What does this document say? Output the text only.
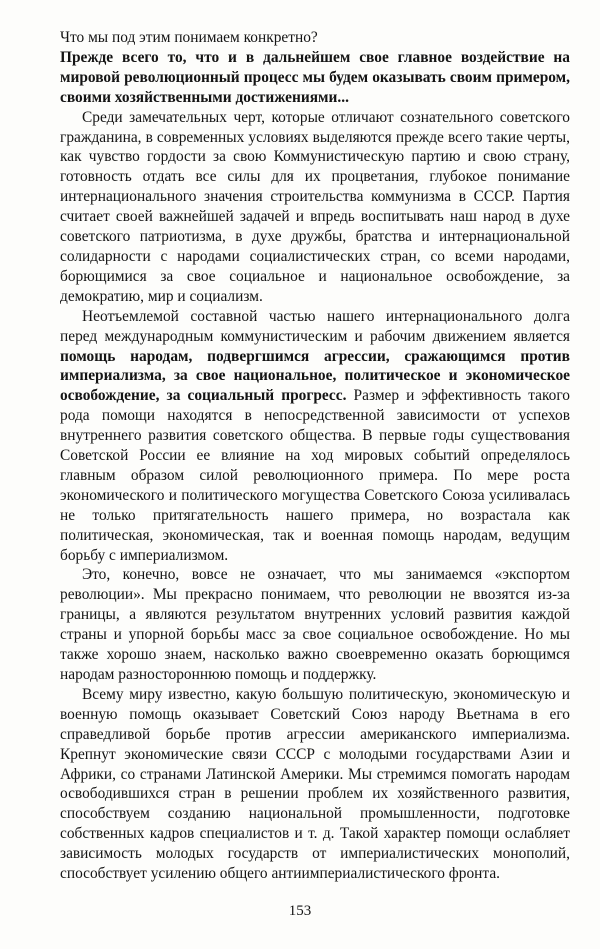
Что мы под этим понимаем конкретно?

Прежде всего то, что и в дальнейшем свое главное воздействие на мировой революционный процесс мы будем оказывать своим примером, своими хозяйственными достижениями...

Среди замечательных черт, которые отличают сознательного советского гражданина, в современных условиях выделяются прежде всего такие черты, как чувство гордости за свою Коммунистическую партию и свою страну, готовность отдать все силы для их процветания, глубокое понимание интернационального значения строительства коммунизма в СССР. Партия считает своей важнейшей задачей и впредь воспитывать наш народ в духе советского патриотизма, в духе дружбы, братства и интернациональной солидарности с народами социалистических стран, со всеми народами, борющимися за свое социальное и национальное освобождение, за демократию, мир и социализм.

Неотъемлемой составной частью нашего интернационального долга перед международным коммунистическим и рабочим движением является помощь народам, подвергшимся агрессии, сражающимся против империализма, за свое национальное, политическое и экономическое освобождение, за социальный прогресс. Размер и эффективность такого рода помощи находятся в непосредственной зависимости от успехов внутреннего развития советского общества. В первые годы существования Советской России ее влияние на ход мировых событий определялось главным образом силой революционного примера. По мере роста экономического и политического могущества Советского Союза усиливалась не только притягательность нашего примера, но возрастала как политическая, экономическая, так и военная помощь народам, ведущим борьбу с империализмом.

Это, конечно, вовсе не означает, что мы занимаемся «экспортом революции». Мы прекрасно понимаем, что революции не ввозятся из-за границы, а являются результатом внутренних условий развития каждой страны и упорной борьбы масс за свое социальное освобождение. Но мы также хорошо знаем, насколько важно своевременно оказать борющимся народам разностороннюю помощь и поддержку.

Всему миру известно, какую большую политическую, экономическую и военную помощь оказывает Советский Союз народу Вьетнама в его справедливой борьбе против агрессии американского империализма. Крепнут экономические связи СССР с молодыми государствами Азии и Африки, со странами Латинской Америки. Мы стремимся помогать народам освободившихся стран в решении проблем их хозяйственного развития, способствуем созданию национальной промышленности, подготовке собственных кадров специалистов и т. д. Такой характер помощи ослабляет зависимость молодых государств от империалистических монополий, способствует усилению общего антиимпериалистического фронта.

153
